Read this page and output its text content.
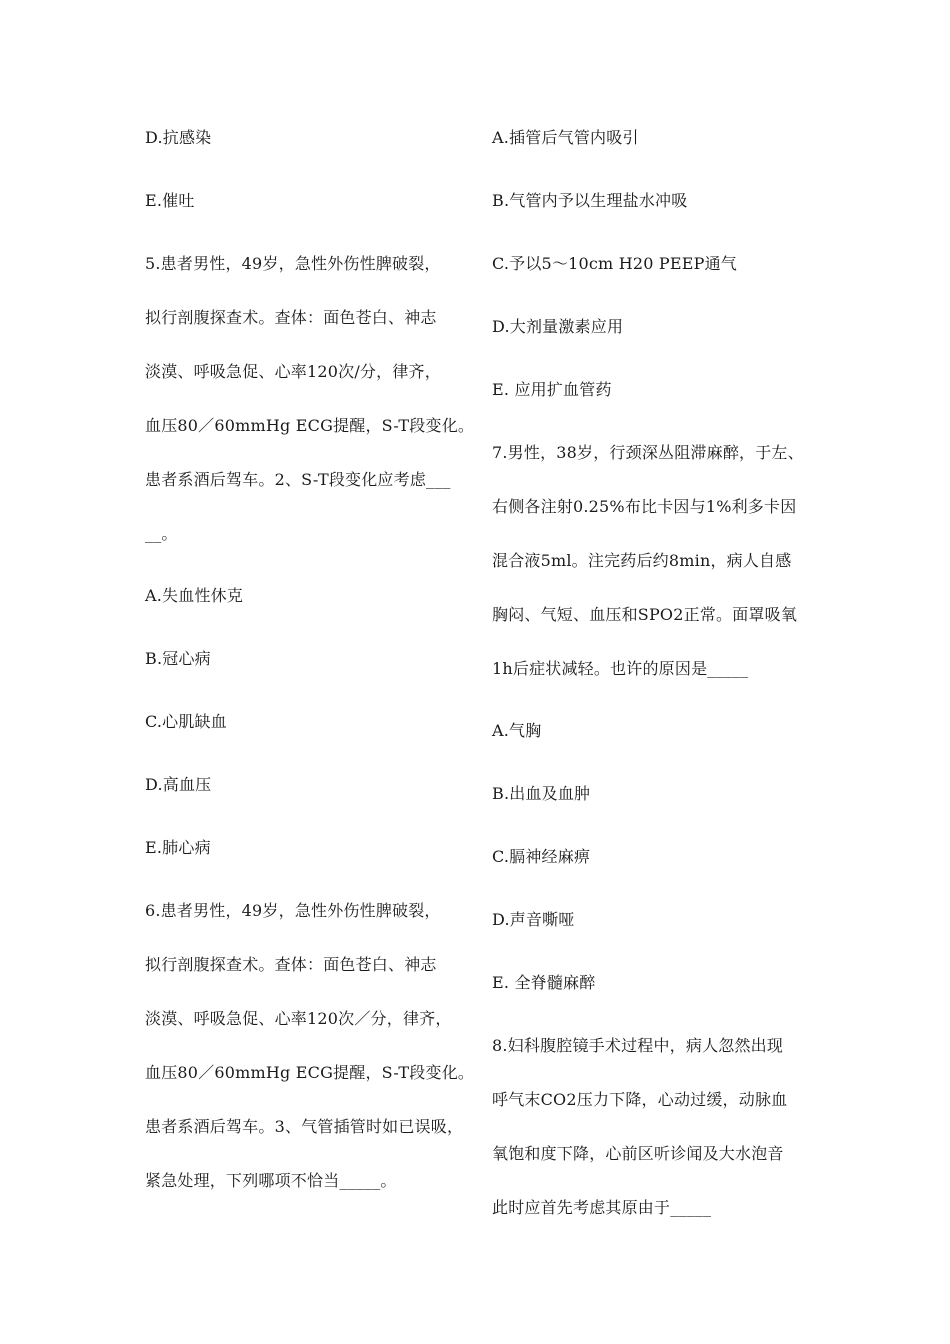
D.抗感染
E.催吐
5.患者男性，49岁，急性外伤性脾破裂，
拟行剖腹探查术。查体：面色苍白、神志
淡漠、呼吸急促、心率120次/分，律齐，
血压80／60mmHg ECG提醒，S-T段变化。
患者系酒后驾车。2、S-T段变化应考虑___
__。
A.失血性休克
B.冠心病
C.心肌缺血
D.高血压
E.肺心病
6.患者男性，49岁，急性外伤性脾破裂，
拟行剖腹探查术。查体：面色苍白、神志
淡漠、呼吸急促、心率120次／分，律齐，
血压80／60mmHg ECG提醒，S-T段变化。
患者系酒后驾车。3、气管插管时如已误吸，
紧急处理，下列哪项不恰当_____。
A.插管后气管内吸引
B.气管内予以生理盐水冲吸
C.予以5～10cm H20 PEEP通气
D.大剂量激素应用
E. 应用扩血管药
7.男性，38岁，行颈深丛阻滞麻醉，于左、
右侧各注射0.25%布比卡因与1%利多卡因
混合液5ml。注完药后约8min，病人自感
胸闷、气短、血压和SPO2正常。面罩吸氧
1h后症状减轻。也许的原因是_____
A.气胸
B.出血及血肿
C.膈神经麻痹
D.声音嘶哑
E. 全脊髓麻醉
8.妇科腹腔镜手术过程中，病人忽然出现
呼气末CO2压力下降，心动过缓，动脉血
氧饱和度下降，心前区听诊闻及大水泡音
此时应首先考虑其原由于_____
